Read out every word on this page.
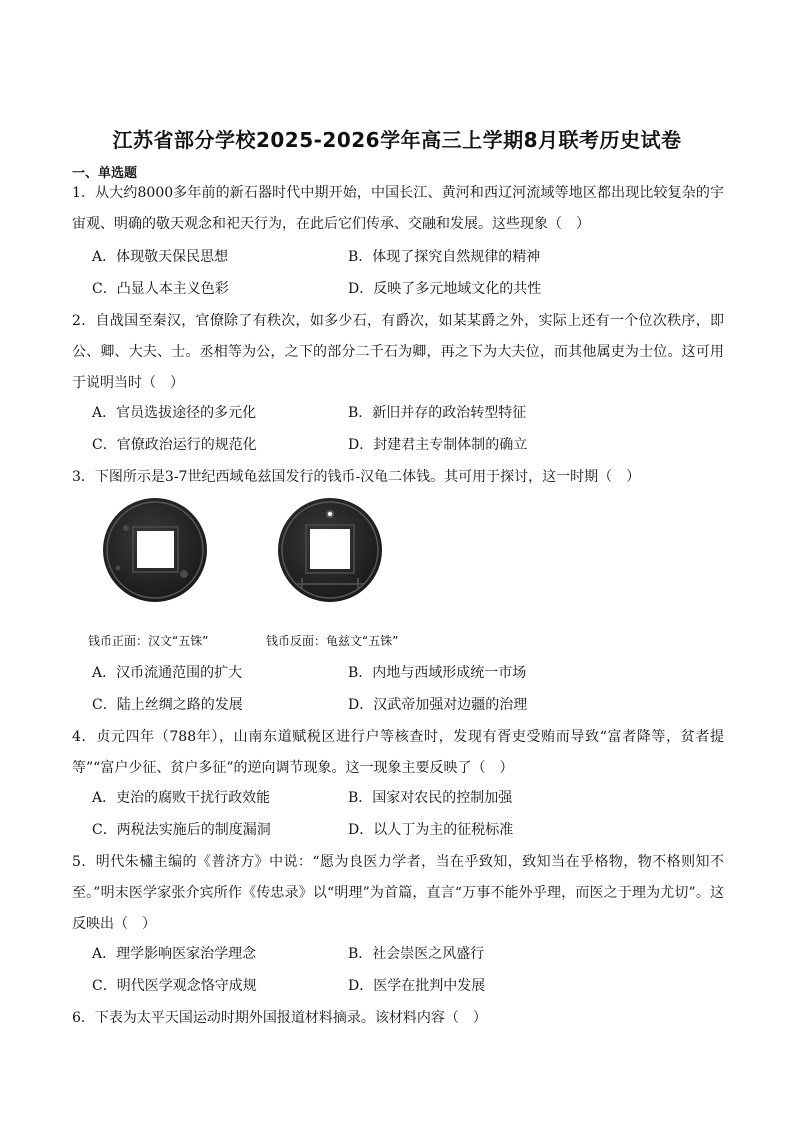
江苏省部分学校2025-2026学年高三上学期8月联考历史试卷
一、单选题
1．从大约8000多年前的新石器时代中期开始，中国长江、黄河和西辽河流域等地区都出现比较复杂的宇宙观、明确的敬天观念和祀天行为，在此后它们传承、交融和发展。这些现象（　）
A．体现敬天保民思想	B．体现了探究自然规律的精神
C．凸显人本主义色彩	D．反映了多元地域文化的共性
2．自战国至秦汉，官僚除了有秩次，如多少石，有爵次，如某某爵之外，实际上还有一个位次秩序，即公、卿、大夫、士。丞相等为公，之下的部分二千石为卿，再之下为大夫位，而其他属吏为士位。这可用于说明当时（　）
A．官员选拔途径的多元化	B．新旧并存的政治转型特征
C．官僚政治运行的规范化	D．封建君主专制体制的确立
3．下图所示是3-7世纪西域龟兹国发行的钱币-汉龟二体钱。其可用于探讨，这一时期（　）
钱币正面：汉文“五铢”	钱币反面：龟兹文“五铢”
A．汉币流通范围的扩大	B．内地与西域形成统一市场
C．陆上丝绸之路的发展	D．汉武帝加强对边疆的治理
4．贞元四年（788年），山南东道赋税区进行户等核查时，发现有胥吏受贿而导致“富者降等，贫者提等”“富户少征、贫户多征”的逆向调节现象。这一现象主要反映了（　）
A．吏治的腐败干扰行政效能	B．国家对农民的控制加强
C．两税法实施后的制度漏洞	D．以人丁为主的征税标准
5．明代朱橚主编的《普济方》中说：“愿为良医力学者，当在乎致知，致知当在乎格物，物不格则知不至。”明末医学家张介宾所作《传忠录》以“明理”为首篇，直言“万事不能外乎理，而医之于理为尤切”。这反映出（　）
A．理学影响医家治学理念	B．社会崇医之风盛行
C．明代医学观念恪守成规	D．医学在批判中发展
6．下表为太平天国运动时期外国报道材料摘录。该材料内容（　）
